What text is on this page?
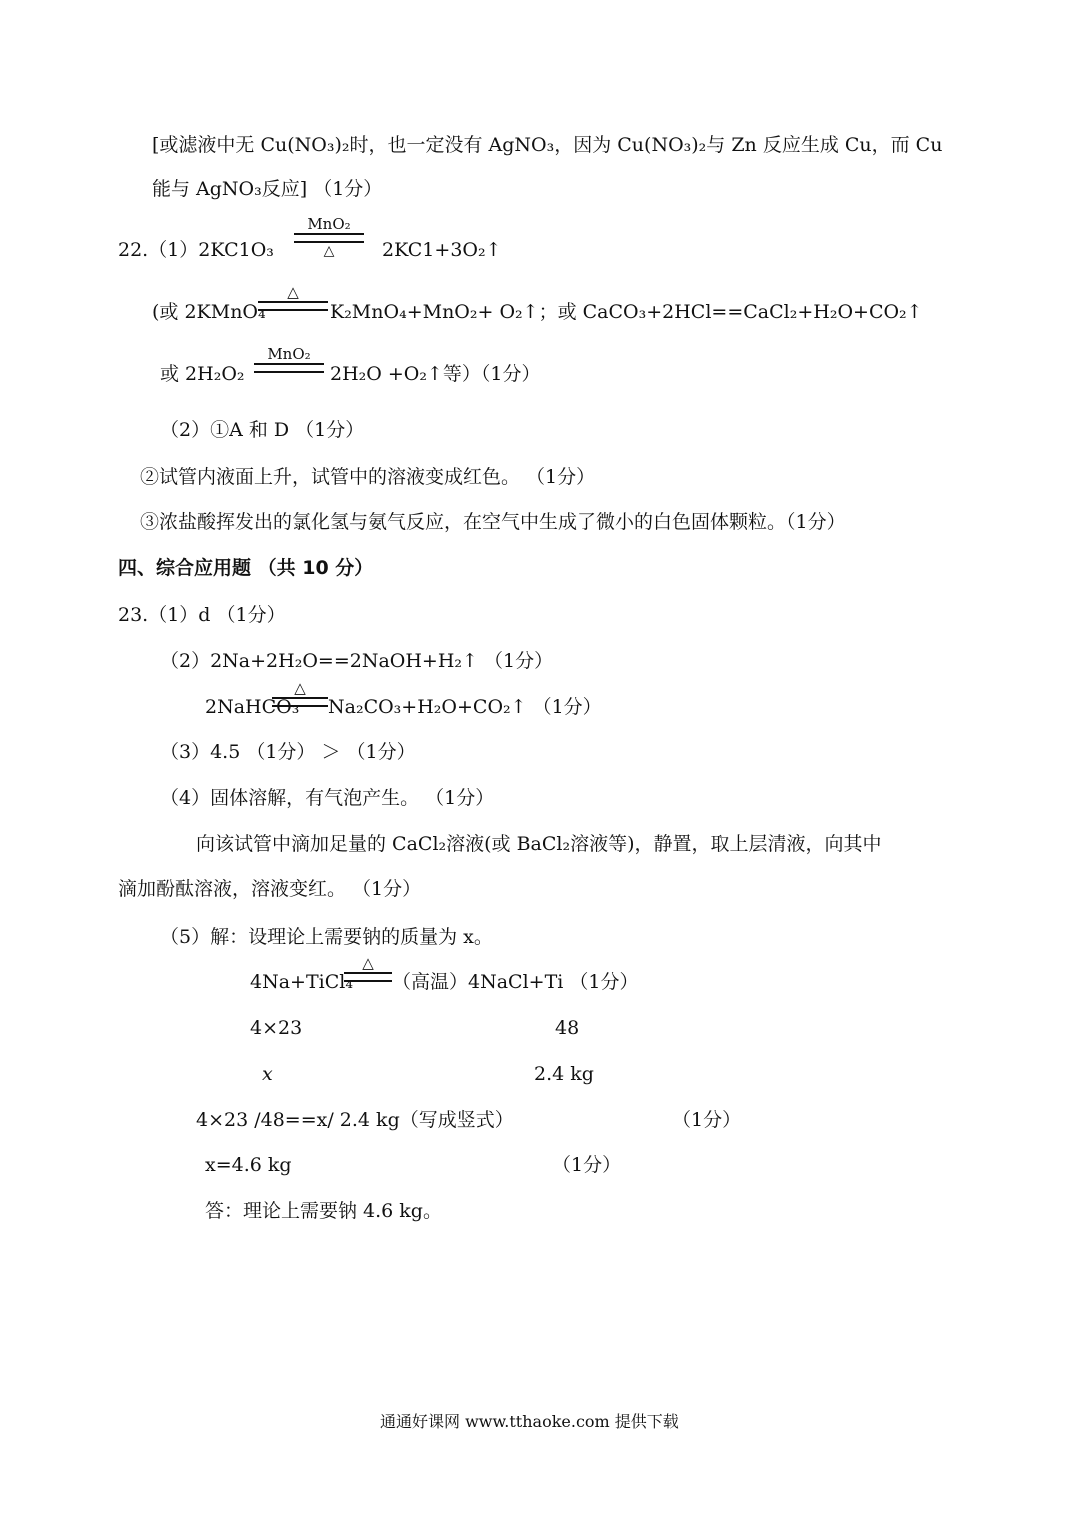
[或滤液中无 Cu(NO₃)₂时，也一定没有 AgNO₃，因为 Cu(NO₃)₂与 Zn 反应生成 Cu，而 Cu
能与 AgNO₃反应] （1分）
22.（1）2KC1O₃
MnO₂
△	2KC1+3O₂↑
(或 2KMnO₄
△
K₂MnO₄+MnO₂+ O₂↑；或 CaCO₃+2HCl==CaCl₂+H₂O+CO₂↑
或 2H₂O₂
MnO₂
2H₂O +O₂↑等）（1分）
（2）①A 和 D （1分）
②试管内液面上升，试管中的溶液变成红色。 （1分）
③浓盐酸挥发出的氯化氢与氨气反应，在空气中生成了微小的白色固体颗粒。（1分）
四、综合应用题 （共 10 分）
23.（1）d （1分）
（2）2Na+2H₂O==2NaOH+H₂↑ （1分）
2NaHCO₃
△
Na₂CO₃+H₂O+CO₂↑ （1分）
（3）4.5 （1分） ＞ （1分）
（4）固体溶解，有气泡产生。 （1分）
向该试管中滴加足量的 CaCl₂溶液(或 BaCl₂溶液等)，静置，取上层清液，向其中
滴加酚酞溶液，溶液变红。 （1分）
（5）解：设理论上需要钠的质量为 x。
4Na+TiCl₄
△
（高温）4NaCl+Ti （1分）
4×23	48
x	2.4 kg
4×23 /48==x/ 2.4 kg（写成竖式）	（1分）
x=4.6 kg	（1分）
答：理论上需要钠 4.6 kg。
通通好课网 www.tthaoke.com 提供下载
